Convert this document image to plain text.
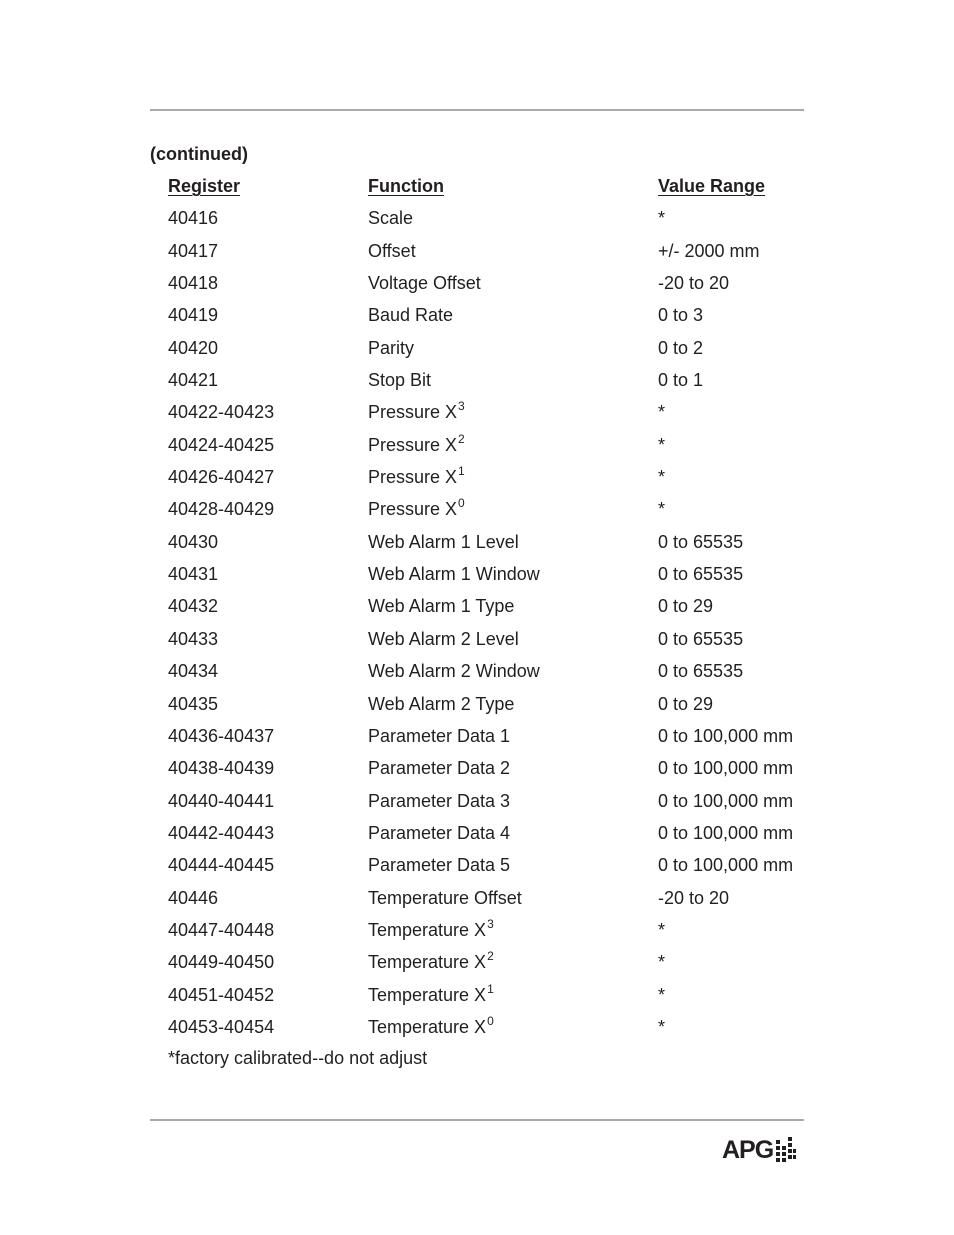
(continued)
Register	Function	Value Range
40416	Scale	*
40417	Offset	+/- 2000 mm
40418	Voltage Offset	-20 to 20
40419	Baud Rate	0 to 3
40420	Parity	0 to 2
40421	Stop Bit	0 to 1
40422-40423	Pressure $X^3$	*
40424-40425	Pressure $X^2$	*
40426-40427	Pressure $X^1$	*
40428-40429	Pressure $X^0$	*
40430	Web Alarm 1 Level	0 to 65535
40431	Web Alarm 1 Window	0 to 65535
40432	Web Alarm 1 Type	0 to 29
40433	Web Alarm 2 Level	0 to 65535
40434	Web Alarm 2 Window	0 to 65535
40435	Web Alarm 2 Type	0 to 29
40436-40437	Parameter Data 1	0 to 100,000 mm
40438-40439	Parameter Data 2	0 to 100,000 mm
40440-40441	Parameter Data 3	0 to 100,000 mm
40442-40443	Parameter Data 4	0 to 100,000 mm
40444-40445	Parameter Data 5	0 to 100,000 mm
40446	Temperature Offset	-20 to 20
40447-40448	Temperature $X^3$	*
40449-40450	Temperature $X^2$	*
40451-40452	Temperature $X^1$	*
40453-40454	Temperature $X^0$	*
*factory calibrated--do not adjust
APG
